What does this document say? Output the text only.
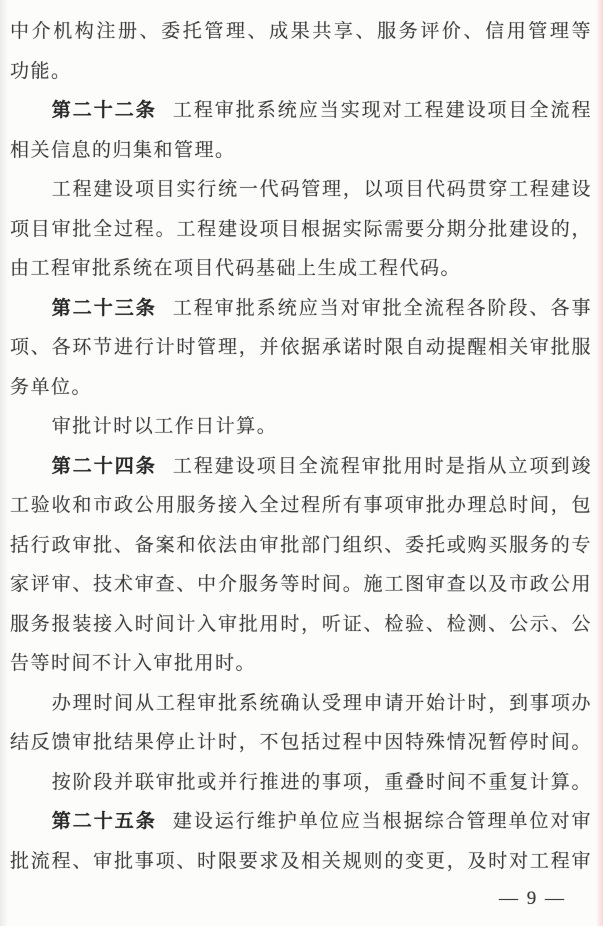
中介机构注册、委托管理、成果共享、服务评价、信用管理等
功能。
第二十二条 工程审批系统应当实现对工程建设项目全流程
相关信息的归集和管理。
工程建设项目实行统一代码管理，以项目代码贯穿工程建设
项目审批全过程。工程建设项目根据实际需要分期分批建设的，
由工程审批系统在项目代码基础上生成工程代码。
第二十三条 工程审批系统应当对审批全流程各阶段、各事
项、各环节进行计时管理，并依据承诺时限自动提醒相关审批服
务单位。
审批计时以工作日计算。
第二十四条 工程建设项目全流程审批用时是指从立项到竣
工验收和市政公用服务接入全过程所有事项审批办理总时间，包
括行政审批、备案和依法由审批部门组织、委托或购买服务的专
家评审、技术审查、中介服务等时间。施工图审查以及市政公用
服务报装接入时间计入审批用时，听证、检验、检测、公示、公
告等时间不计入审批用时。
办理时间从工程审批系统确认受理申请开始计时，到事项办
结反馈审批结果停止计时，不包括过程中因特殊情况暂停时间。
按阶段并联审批或并行推进的事项，重叠时间不重复计算。
第二十五条 建设运行维护单位应当根据综合管理单位对审
批流程、审批事项、时限要求及相关规则的变更，及时对工程审
— 9 —
